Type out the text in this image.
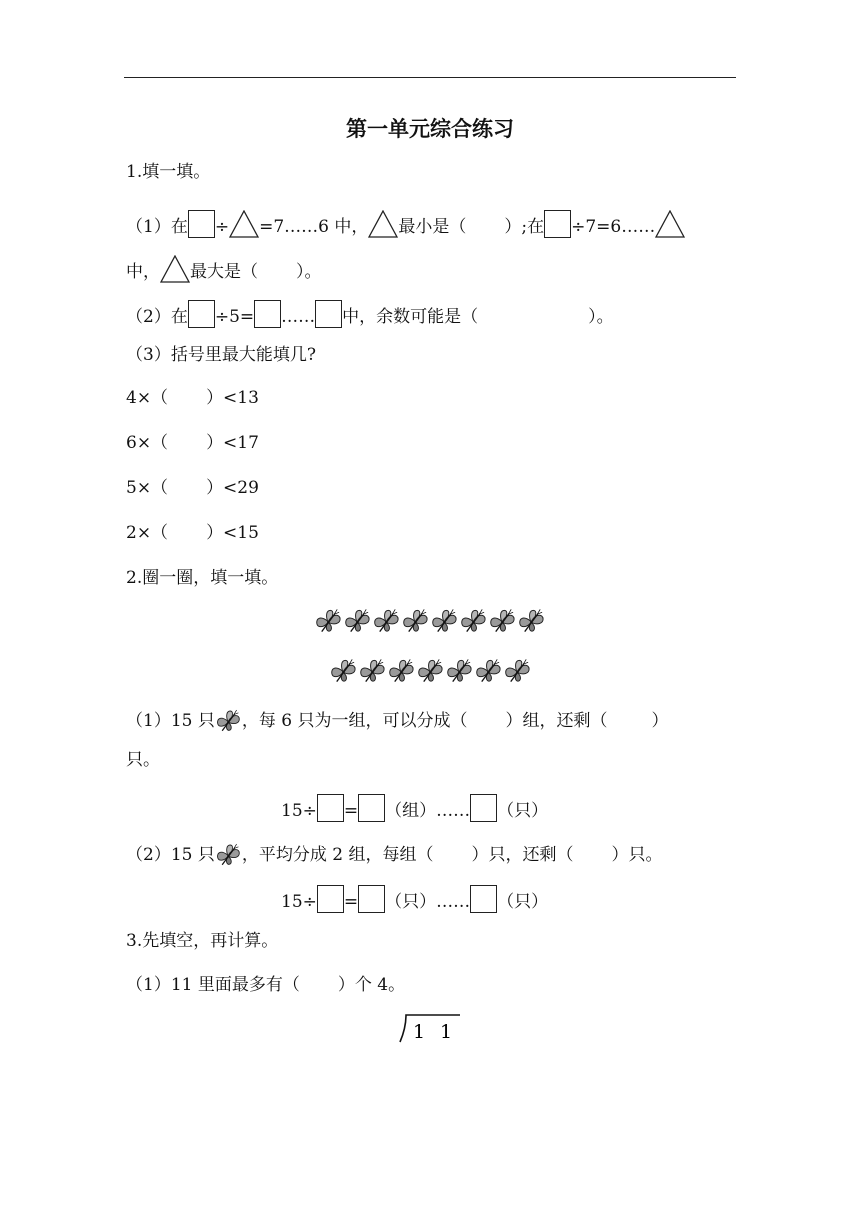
第一单元综合练习
1.填一填。
（1）在 ÷ =7……6 中， 最小是（ ）;在 ÷7=6……
中， 最大是（ ）。
（2）在 ÷5= …… 中，余数可能是（	）。
（3）括号里最大能填几?
4×（ ）<13
6×（ ）<17
5×（ ）<29
2×（ ）<15
2.圈一圈，填一填。
（1）15 只 ，每 6 只为一组，可以分成（ ）组，还剩（	）
只。
15÷ = （组）…… （只）
（2）15 只 ，平均分成 2 组，每组（ ）只，还剩（ ）只。
15÷ = （只）…… （只）
3.先填空，再计算。
（1）11 里面最多有（ ）个 4。
1 1
